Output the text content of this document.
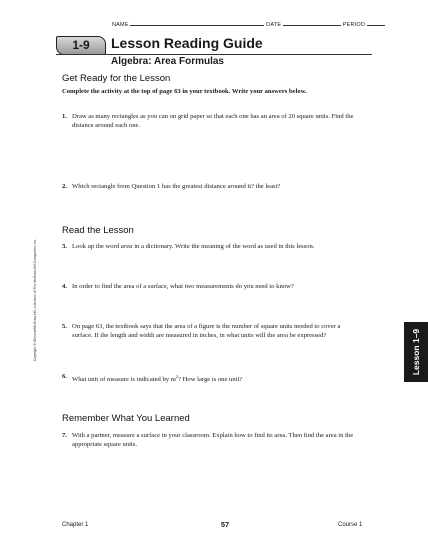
NAME	DATE	PERIOD
1-9	Lesson Reading Guide
Algebra: Area Formulas
Get Ready for the Lesson
Complete the activity at the top of page 63 in your textbook. Write your answers below.
1. Draw as many rectangles as you can on grid paper so that each one has an area of 20 square units. Find the distance around each one.
2. Which rectangle from Question 1 has the greatest distance around it? the least?
Read the Lesson
3. Look up the word area in a dictionary. Write the meaning of the word as used in this lesson.
4. In order to find the area of a surface, what two measurements do you need to know?
5. On page 63, the textbook says that the area of a figure is the number of square units needed to cover a surface. If the length and width are measured in inches, in what units will the area be expressed?
6. What unit of measure is indicated by $m^2$? How large is one unit?
Remember What You Learned
7. With a partner, measure a surface in your classroom. Explain how to find its area. Then find the area in the appropriate square units.
Lesson 1–9
Copyright © Glencoe/McGraw-Hill, a division of The McGraw-Hill Companies, Inc.
Chapter 1	57	Course 1
